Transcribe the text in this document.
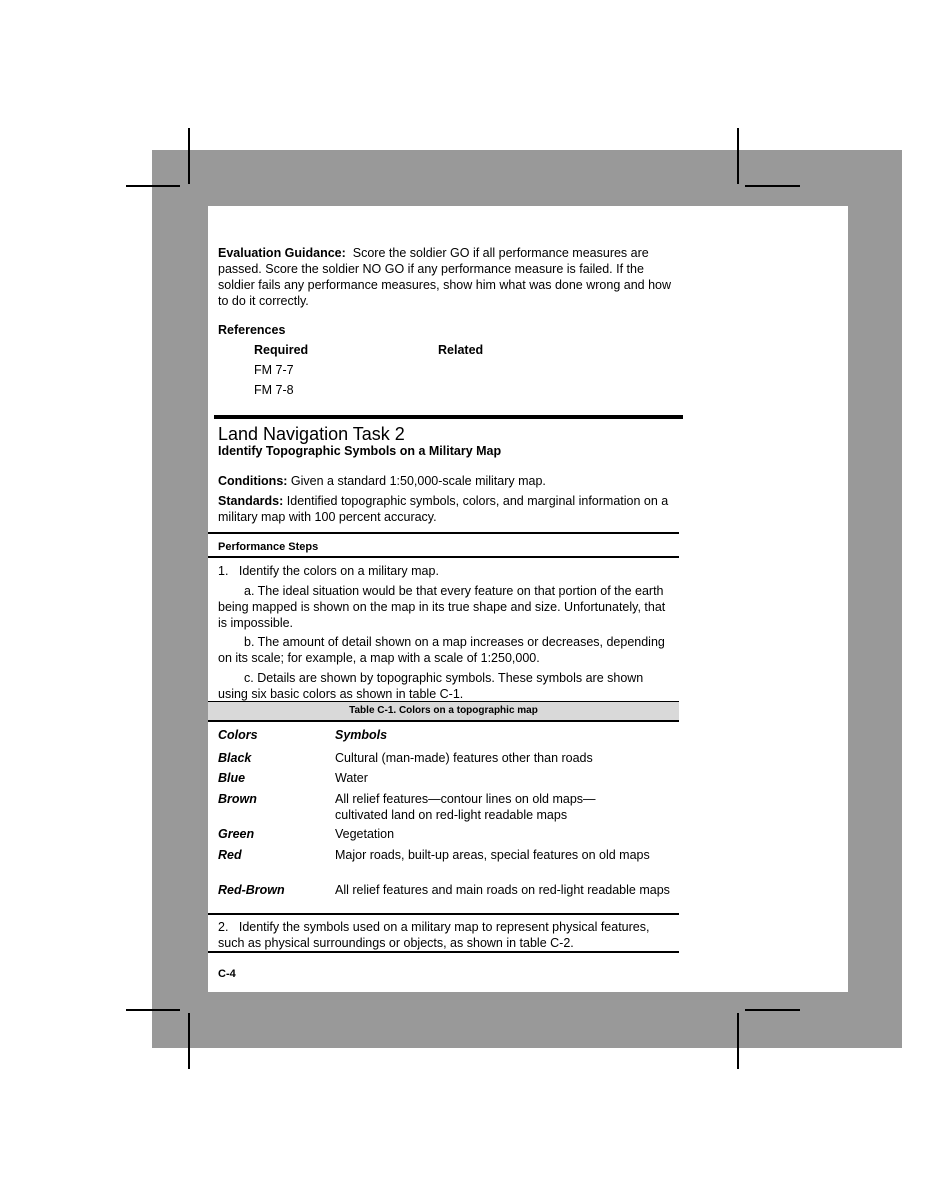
Evaluation Guidance: Score the soldier GO if all performance measures are passed. Score the soldier NO GO if any performance measure is failed. If the soldier fails any performance measures, show him what was done wrong and how to do it correctly.
References
Required	Related
FM 7-7
FM 7-8
Land Navigation Task 2
Identify Topographic Symbols on a Military Map
Conditions: Given a standard 1:50,000-scale military map.
Standards: Identified topographic symbols, colors, and marginal information on a military map with 100 percent accuracy.
Performance Steps
1.   Identify the colors on a military map.
a. The ideal situation would be that every feature on that portion of the earth being mapped is shown on the map in its true shape and size. Unfortunately, that is impossible.
b. The amount of detail shown on a map increases or decreases, depending on its scale; for example, a map with a scale of 1:250,000.
c. Details are shown by topographic symbols. These symbols are shown using six basic colors as shown in table C-1.
Table C-1. Colors on a topographic map
Colors	Symbols
Black	Cultural (man-made) features other than roads
Blue	Water
Brown	All relief features—contour lines on old maps—cultivated land on red-light readable maps
Green	Vegetation
Red	Major roads, built-up areas, special features on old maps
Red-Brown	All relief features and main roads on red-light readable maps
2.   Identify the symbols used on a military map to represent physical features, such as physical surroundings or objects, as shown in table C-2.
C-4
